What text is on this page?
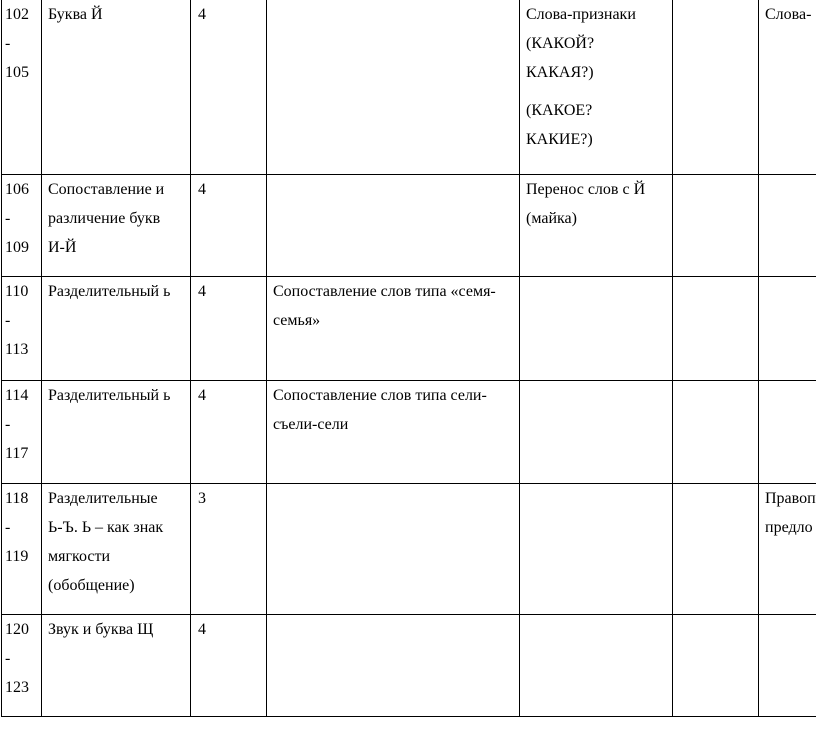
102
-
105	Буква Й	4		Слова-признаки
(КАКОЙ?
КАКАЯ?)
(КАКОЕ?
КАКИЕ?)		Слова-

106
-
109	Сопоставление и
различение букв
И-Й	4		Перенос слов с Й
(майка)		

110
-
113	Разделительный ь	4	Сопоставление слов типа «семя-
семья»			

114
-
117	Разделительный ь	4	Сопоставление слов типа сели-
съели-сели			

118
-
119	Разделительные
Ь-Ъ. Ь – как знак
мягкости
(обобщение)	3				Правоп
предло

120
-
123	Звук и буква Щ	4				
